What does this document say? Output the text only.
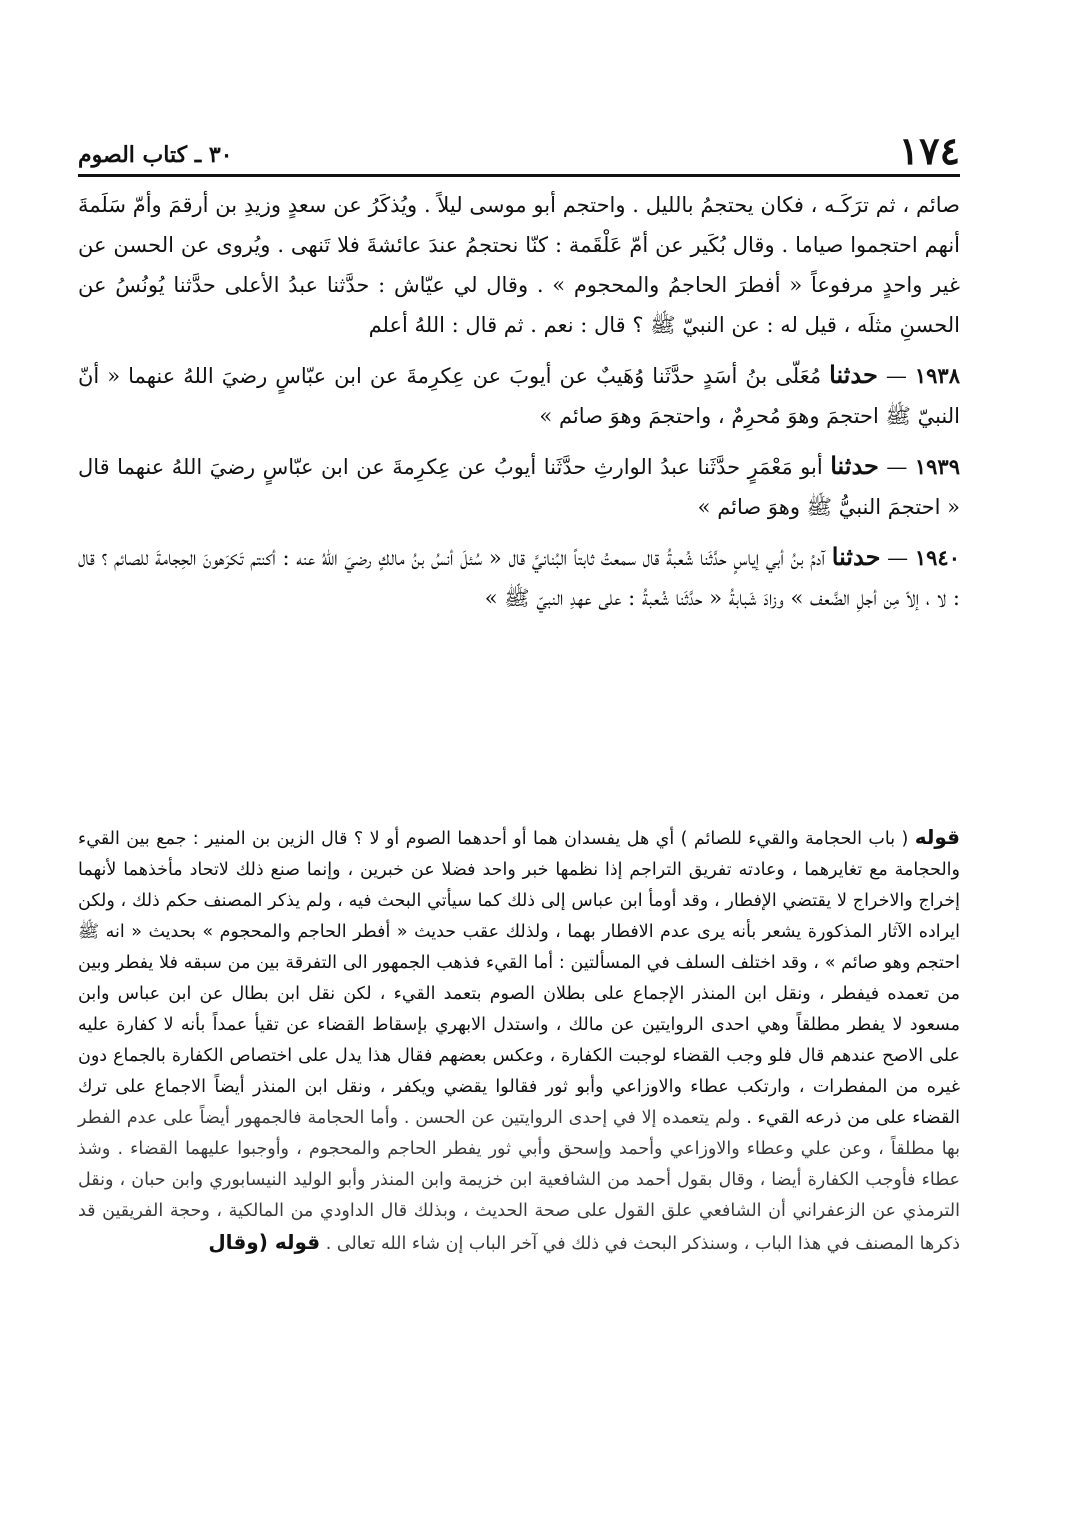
١٧٤
٣٠ ـ كتاب الصوم

صائم ، ثم ترَكَـه ، فكان يحتجمُ بالليل . واحتجم أبو موسى ليلاً . ويُذكَرُ عن سعدٍ وزيدِ بن أرقمَ وأمّ سَلَمةَ أنهم احتجموا صياما . وقال بُكَير عن أمّ عَلْقَمة : كنّا نحتجمُ عندَ عائشةَ فلا تَنهى . ويُروى عن الحسن عن غير واحدٍ مرفوعاً « أفطرَ الحاجمُ والمحجوم » . وقال لي عيّاش : حدَّثنا عبدُ الأعلى حدَّثنا يُونُسُ عن الحسنِ مثلَه ، قيل له : عن النبيّ ﷺ ؟ قال : نعم . ثم قال : اللهُ أعلم

١٩٣٨ — حدثنا مُعَلّى بنُ أسَدٍ حدَّثَنا وُهَيبٌ عن أيوبَ عن عِكرِمةَ عن ابن عبّاسٍ رضيَ اللهُ عنهما « أنّ النبيّ ﷺ احتجمَ وهوَ مُحرِمٌ ، واحتجمَ وهوَ صائم »

١٩٣٩ — حدثنا أبو مَعْمَرٍ حدَّثَنا عبدُ الوارثِ حدَّثَنا أيوبُ عن عِكرِمةَ عن ابن عبّاسٍ رضيَ اللهُ عنهما قال « احتجمَ النبيُّ ﷺ وهوَ صائم »

١٩٤٠ — حدثنا آدمُ بنُ أبي إياسٍ حدَّثَنا شُعبةُ قال سمعتُ ثابتاً البُنانيَّ قال « سُئلَ أنسُ بنُ مالكٍ رضيَ اللهُ عنه : أكنتم تَكرَهونَ الحِجامةَ للصائم ؟ قال : لا ، إلاّ مِن أجلِ الضَّعف » وزادَ شَبابةُ « حدَّثَنا شُعبةُ : على عهدِ النبيّ ﷺ »

قوله ( باب الحجامة والقيء للصائم ) أي هل يفسدان هما أو أحدهما الصوم أو لا ؟ قال الزين بن المنير : جمع بين القيء والحجامة مع تغايرهما ، وعادته تفريق التراجم إذا نظمها خبر واحد فضلا عن خبرين ، وإنما صنع ذلك لاتحاد مأخذهما لأنهما إخراج والاخراج لا يقتضي الإفطار ، وقد أومأ ابن عباس إلى ذلك كما سيأتي البحث فيه ، ولم يذكر المصنف حكم ذلك ، ولكن ايراده الآثار المذكورة يشعر بأنه يرى عدم الافطار بهما ، ولذلك عقب حديث « أفطر الحاجم والمحجوم » بحديث « انه ﷺ احتجم وهو صائم » ، وقد اختلف السلف في المسألتين : أما القيء فذهب الجمهور الى التفرقة بين من سبقه فلا يفطر وبين من تعمده فيفطر ، ونقل ابن المنذر الإجماع على بطلان الصوم بتعمد القيء ، لكن نقل ابن بطال عن ابن عباس وابن مسعود لا يفطر مطلقاً وهي احدى الروايتين عن مالك ، واستدل الابهري بإسقاط القضاء عن تقيأ عمداً بأنه لا كفارة عليه على الاصح عندهم قال فلو وجب القضاء لوجبت الكفارة ، وعكس بعضهم فقال هذا يدل على اختصاص الكفارة بالجماع دون غيره من المفطرات ، وارتكب عطاء والاوزاعي وأبو ثور فقالوا يقضي ويكفر ، ونقل ابن المنذر أيضاً الاجماع على ترك القضاء على من ذرعه القيء . ولم يتعمده إلا في إحدى الروايتين عن الحسن . وأما الحجامة فالجمهور أيضاً على عدم الفطر بها مطلقاً ، وعن علي وعطاء والاوزاعي وأحمد وإسحق وأبي ثور يفطر الحاجم والمحجوم ، وأوجبوا عليهما القضاء . وشذ عطاء فأوجب الكفارة أيضا ، وقال بقول أحمد من الشافعية ابن خزيمة وابن المنذر وأبو الوليد النيسابوري وابن حبان ، ونقل الترمذي عن الزعفراني أن الشافعي علق القول على صحة الحديث ، وبذلك قال الداودي من المالكية ، وحجة الفريقين قد ذكرها المصنف في هذا الباب ، وسنذكر البحث في ذلك في آخر الباب إن شاء الله تعالى . قوله (وقال
